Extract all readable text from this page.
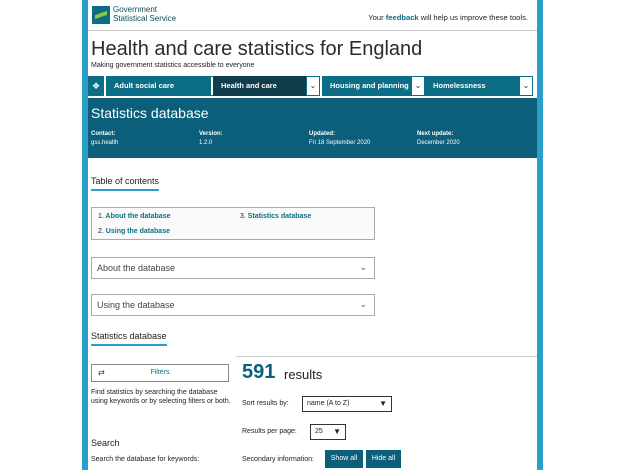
Government
Statistical Service	Your feedback will help us improve these tools.
Health and care statistics for England
Making government statistics accessible to everyone
❖	Adult social care	Health and care	⌄	Housing and planning ⌄	Homelessness	⌄
Statistics database
Contact:
gss.health
Version:
1.2.0
Updated:
Fri 18 September 2020
Next update:
December 2020
Table of contents
1. About the database
2. Using the database
3. Statistics database
About the database	⌄
Using the database	⌄
Statistics database
⇄	Filters
Find statistics by searching the database using keywords or by selecting filters or both.
Search
Search the database for keywords:
591 results
Sort results by:	name (A to Z)	▼
Results per page:	25 ▼
Secondary information:	Show all	Hide all
